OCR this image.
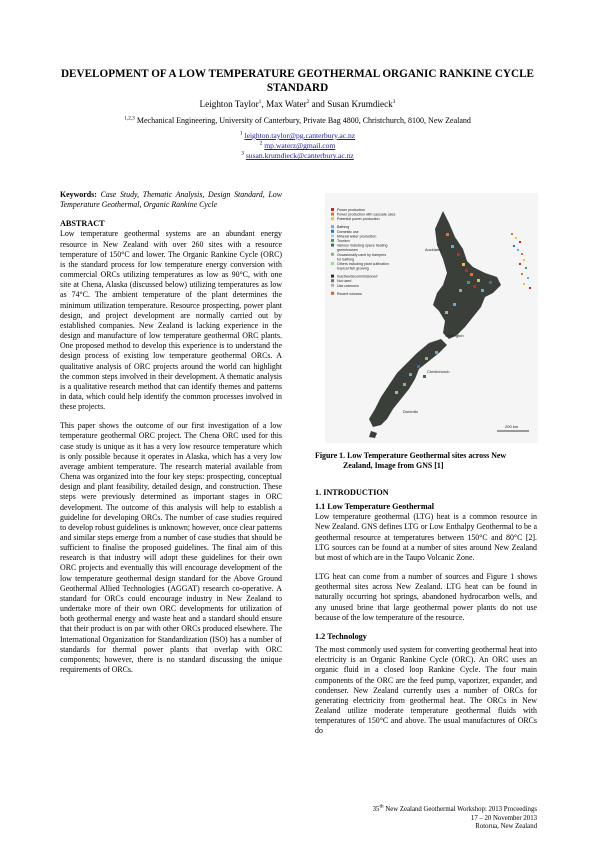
DEVELOPMENT OF A LOW TEMPERATURE GEOTHERMAL ORGANIC RANKINE CYCLE STANDARD
Leighton Taylor$^1$, Max Water$^2$ and Susan Krumdieck$^3$
$^{1,2,3}$ Mechanical Engineering, University of Canterbury, Private Bag 4800, Christchurch, 8100, New Zealand
$^1$ leighton.taylor@pg.canterbury.ac.nz
$^2$ mp.waterz@gmail.com
$^3$ susan.krumdieck@canterbury.ac.nz

Keywords: Case Study, Thematic Analysis, Design Standard, Low Temperature Geothermal, Organic Rankine Cycle

ABSTRACT

Low temperature geothermal systems are an abundant energy resource in New Zealand with over 260 sites with a resource temperature of 150°C and lower. The Organic Rankine Cycle (ORC) is the standard process for low temperature energy conversion with commercial ORCs utilizing temperatures as low as 90°C, with one site at Chena, Alaska (discussed below) utilizing temperatures as low as 74°C. The ambient temperature of the plant determines the minimum utilization temperature. Resource prospecting, power plant design, and project development are normally carried out by established companies. New Zealand is lacking experience in the design and manufacture of low temperature geothermal ORC plants. One proposed method to develop this experience is to understand the design process of existing low temperature geothermal ORCs. A qualitative analysis of ORC projects around the world can highlight the common steps involved in their development. A thematic analysis is a qualitative research method that can identify themes and patterns in data, which could help identify the common processes involved in these projects.

This paper shows the outcome of our first investigation of a low temperature geothermal ORC project. The Chena ORC used for this case study is unique as it has a very low resource temperature which is only possible because it operates in Alaska, which has a very low average ambient temperature. The research material available from Chena was organized into the four key steps: prospecting, conceptual design and plant feasibility, detailed design, and construction. These steps were previously determined as important stages in ORC development. The outcome of this analysis will help to establish a guideline for developing ORCs. The number of case studies required to develop robust guidelines is unknown; however, once clear patterns and similar steps emerge from a number of case studies that should be sufficient to finalise the proposed guidelines. The final aim of this research is that industry will adopt these guidelines for their own ORC projects and eventually this will encourage development of the low temperature geothermal design standard for the Above Ground Geothermal Allied Technologies (AGGAT) research co-operative. A standard for ORCs could encourage industry in New Zealand to undertake more of their own ORC developments for utilization of both geothermal energy and waste heat and a standard should ensure that their product is on par with other ORCs produced elsewhere. The International Organization for Standardization (ISO) has a number of standards for thermal power plants that overlap with ORC components; however, there is no standard discussing the unique requirements of ORCs.

Power production
Power production with cascade uses
Potential power production
Bathing
Domestic use
Mineral water production
Tourism
Various including space heating
greenhouses
Occasionally used by trampers
for bathing
Others including plant cultivation
tropical fish growing
Inactive/decommissioned
Not used
Use unknown
Recent volcano
Auckland
Wellington
Christchurch
Dunedin
200 km
Figure 1. Low Temperature Geothermal sites across New
Zealand, Image from GNS [1]
1. INTRODUCTION
1.1 Low Temperature Geothermal

Low temperature geothermal (LTG) heat is a common resource in New Zealand. GNS defines LTG or Low Enthalpy Geothermal to be a geothermal resource at temperatures between 150°C and 80°C [2]. LTG sources can be found at a number of sites around New Zealand but most of which are in the Taupo Volcanic Zone.

LTG heat can come from a number of sources and Figure 1 shows geothermal sites across New Zealand. LTG heat can be found in naturally occurring hot springs, abandoned hydrocarbon wells, and any unused brine that large geothermal power plants do not use because of the low temperature of the resource.

1.2 Technology

The most commonly used system for converting geothermal heat into electricity is an Organic Rankine Cycle (ORC). An ORC uses an organic fluid in a closed loop Rankine Cycle. The four main components of the ORC are the feed pump, vaporizer, expander, and condenser. New Zealand currently uses a number of ORCs for generating electricity from geothermal heat. The ORCs in New Zealand utilize moderate temperature geothermal fluids with temperatures of 150°C and above. The usual manufactures of ORCs do

35th New Zealand Geothermal Workshop: 2013 Proceedings
17 – 20 November 2013
Rotorua, New Zealand
